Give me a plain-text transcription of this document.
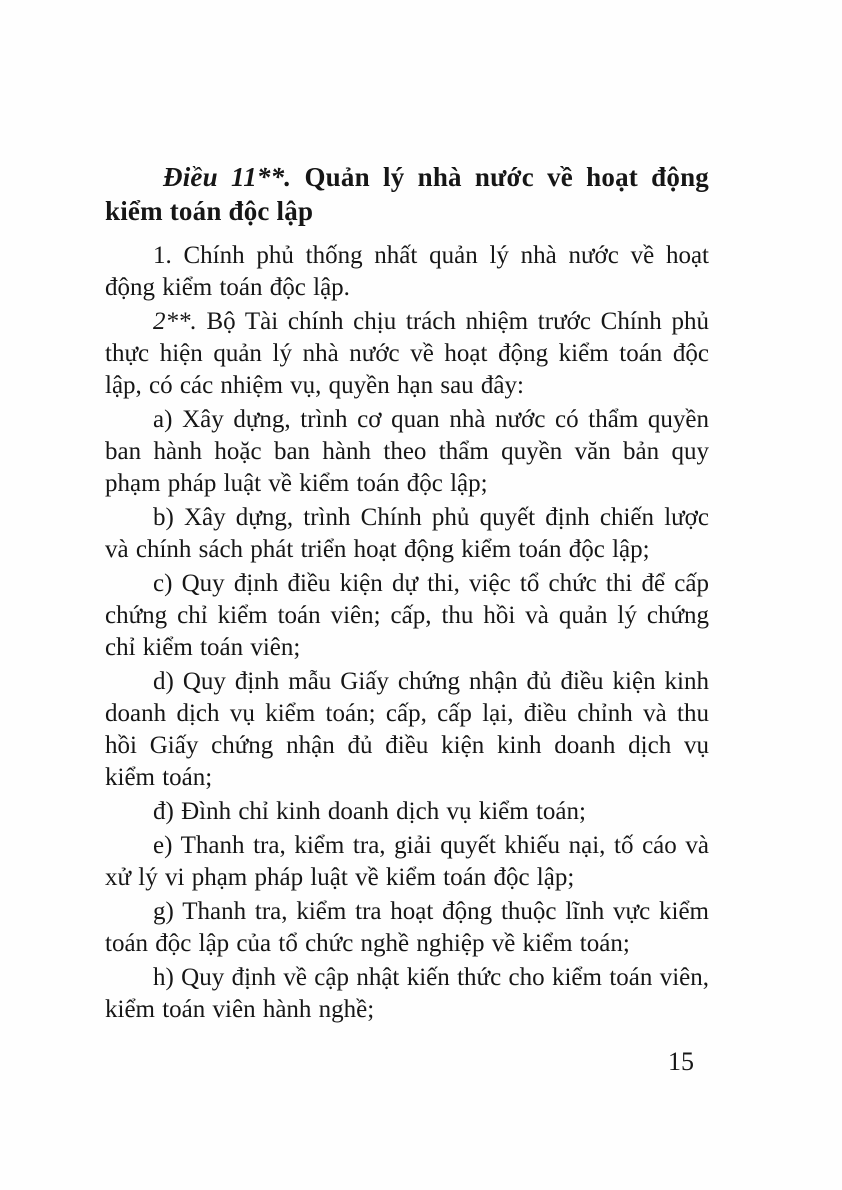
Điều 11**. Quản lý nhà nước về hoạt động kiểm toán độc lập

1. Chính phủ thống nhất quản lý nhà nước về hoạt động kiểm toán độc lập.

2**. Bộ Tài chính chịu trách nhiệm trước Chính phủ thực hiện quản lý nhà nước về hoạt động kiểm toán độc lập, có các nhiệm vụ, quyền hạn sau đây:

a) Xây dựng, trình cơ quan nhà nước có thẩm quyền ban hành hoặc ban hành theo thẩm quyền văn bản quy phạm pháp luật về kiểm toán độc lập;

b) Xây dựng, trình Chính phủ quyết định chiến lược và chính sách phát triển hoạt động kiểm toán độc lập;

c) Quy định điều kiện dự thi, việc tổ chức thi để cấp chứng chỉ kiểm toán viên; cấp, thu hồi và quản lý chứng chỉ kiểm toán viên;

d) Quy định mẫu Giấy chứng nhận đủ điều kiện kinh doanh dịch vụ kiểm toán; cấp, cấp lại, điều chỉnh và thu hồi Giấy chứng nhận đủ điều kiện kinh doanh dịch vụ kiểm toán;

đ) Đình chỉ kinh doanh dịch vụ kiểm toán;

e) Thanh tra, kiểm tra, giải quyết khiếu nại, tố cáo và xử lý vi phạm pháp luật về kiểm toán độc lập;

g) Thanh tra, kiểm tra hoạt động thuộc lĩnh vực kiểm toán độc lập của tổ chức nghề nghiệp về kiểm toán;

h) Quy định về cập nhật kiến thức cho kiểm toán viên, kiểm toán viên hành nghề;

15
